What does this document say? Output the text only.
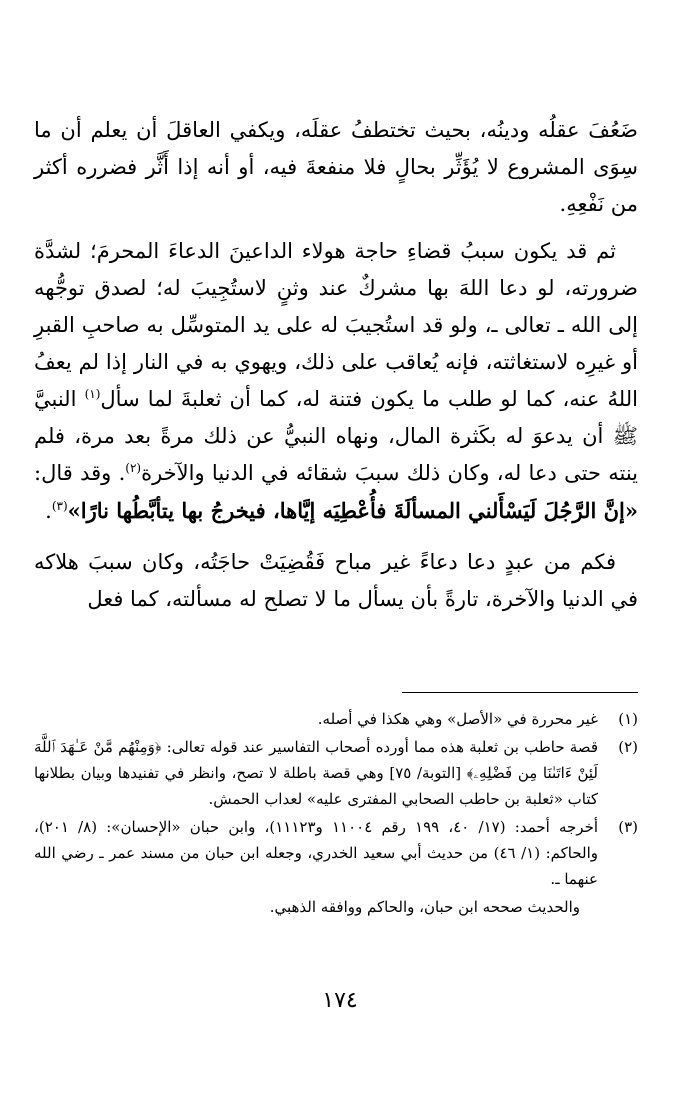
ضَعُفَ عقلُه ودينُه، بحيث تختطفُ عقلَه، ويكفي العاقلَ أن يعلم أن ما سِوَى المشروع لا يُؤَثِّر بحالٍ فلا منفعةَ فيه، أو أنه إذا أَثَّر فضرره أكثر من نَفْعِهِ.

ثم قد يكون سببُ قضاءِ حاجة هولاء الداعينَ الدعاءَ المحرمَ؛ لشدَّة ضرورته، لو دعا اللهَ بها مشركٌ عند وثنٍ لاستُجِيبَ له؛ لصدق توجُّهه إلى الله ـ تعالى ـ، ولو قد استُجيبَ له على يد المتوسِّل به صاحبِ القبرِ أو غيرِه لاستغاثته، فإنه يُعاقب على ذلك، ويهوي به في النار إذا لم يعفُ اللهُ عنه، كما لو طلب ما يكون فتنة له، كما أن ثعلبةَ لما سأل$^{(١)}$ النبيَّ ﷺ أن يدعوَ له بكَثرة المال، ونهاه النبيُّ عن ذلك مرةً بعد مرة، فلم ينته حتى دعا له، وكان ذلك سببَ شقائه في الدنيا والآخرة$^{(٢)}$. وقد قال: «إنَّ الرَّجُلَ لَيَسْأَلني المسألَةَ فأُعْطِيَه إيَّاها، فيخرجُ بها يتأبَّطُها نارًا»$^{(٣)}$.

فكم من عبدٍ دعا دعاءً غير مباح فَقُضِيَتْ حاجَتُه، وكان سببَ هلاكه في الدنيا والآخرة، تارةً بأن يسأل ما لا تصلح له مسألته، كما فعل

(١)
غير محررة في «الأصل» وهي هكذا في أصله.
(٢)
قصة حاطب بن ثعلبة هذه مما أورده أصحاب التفاسير عند قوله تعالى: ﴿وَمِنْهُم مَّنْ عَـٰهَدَ ٱللَّهَ لَئِنْ ءَاتَىٰنَا مِن فَضْلِهِۦ﴾ [التوبة/ ٧٥] وهي قصة باطلة لا تصح، وانظر في تفنيدها وبيان بطلانها كتاب «ثعلبة بن حاطب الصحابي المفترى عليه» لعداب الحمش.
(٣)
أخرجه أحمد: (١٧/ ٤٠، ١٩٩ رقم ١١٠٠٤ و١١١٢٣)، وابن حبان «الإحسان»: (٨/ ٢٠١)، والحاكم: (١/ ٤٦) من حديث أبي سعيد الخدري، وجعله ابن حبان من مسند عمر ـ رضي الله عنهما ـ.
والحديث صححه ابن حبان، والحاكم ووافقه الذهبي.
١٧٤
